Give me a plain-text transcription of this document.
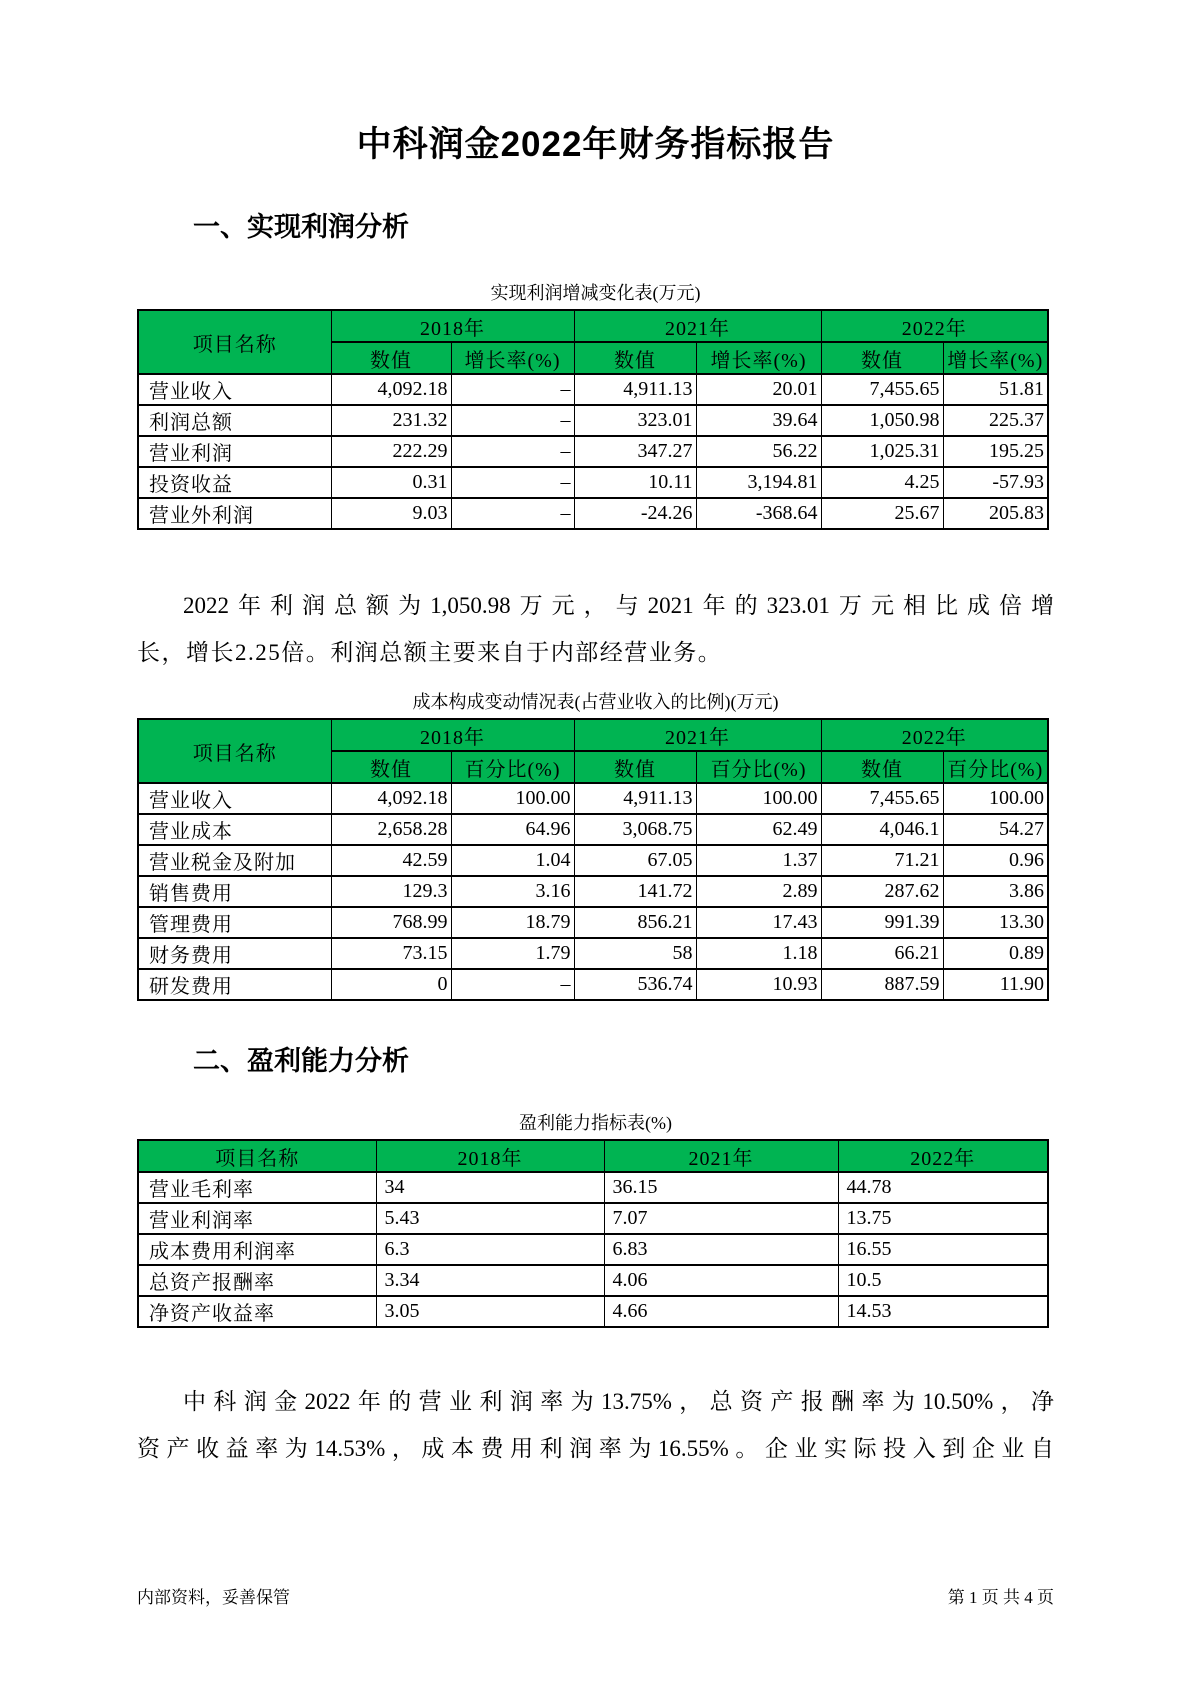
中科润金2022年财务指标报告
一、实现利润分析
实现利润增减变化表(万元)
项目名称	2018年		2021年		2022年	
	数值	增长率(%)	数值	增长率(%)	数值	增长率(%)
营业收入	4,092.18	–	4,911.13	20.01	7,455.65	51.81
利润总额	231.32	–	323.01	39.64	1,050.98	225.37
营业利润	222.29	–	347.27	56.22	1,025.31	195.25
投资收益	0.31	–	10.11	3,194.81	4.25	-57.93
营业外利润	9.03	–	-24.26	-368.64	25.67	205.83

2022年利润总额为1,050.98万元，与2021年的323.01万元相比成倍增
长，增长2.25倍。利润总额主要来自于内部经营业务。

成本构成变动情况表(占营业收入的比例)(万元)
项目名称	2018年		2021年		2022年	
	数值	百分比(%)	数值	百分比(%)	数值	百分比(%)
营业收入	4,092.18	100.00	4,911.13	100.00	7,455.65	100.00
营业成本	2,658.28	64.96	3,068.75	62.49	4,046.1	54.27
营业税金及附加	42.59	1.04	67.05	1.37	71.21	0.96
销售费用	129.3	3.16	141.72	2.89	287.62	3.86
管理费用	768.99	18.79	856.21	17.43	991.39	13.30
财务费用	73.15	1.79	58	1.18	66.21	0.89
研发费用	0	–	536.74	10.93	887.59	11.90
二、盈利能力分析
盈利能力指标表(%)
项目名称	2018年	2021年	2022年
营业毛利率	34	36.15	44.78
营业利润率	5.43	7.07	13.75
成本费用利润率	6.3	6.83	16.55
总资产报酬率	3.34	4.06	10.5
净资产收益率	3.05	4.66	14.53

中科润金2022年的营业利润率为13.75%，总资产报酬率为10.50%，净
资产收益率为14.53%，成本费用利润率为16.55%。企业实际投入到企业自

内部资料，妥善保管	第 1 页 共 4 页
